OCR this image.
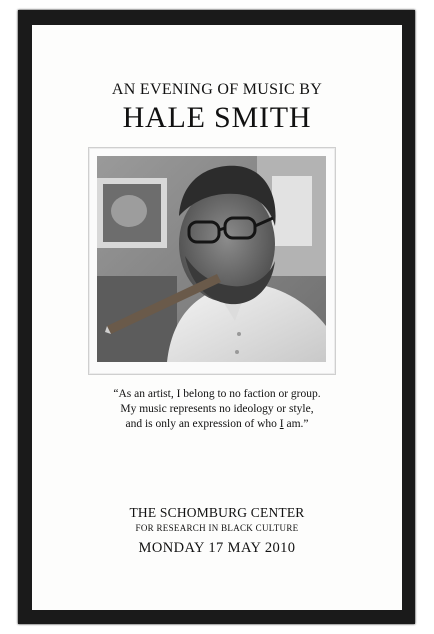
AN EVENING OF MUSIC BY
HALE SMITH
“As an artist, I belong to no faction or group.
My music represents no ideology or style,
and is only an expression of who I am.”
THE SCHOMBURG CENTER
FOR RESEARCH IN BLACK CULTURE
MONDAY 17 MAY 2010
